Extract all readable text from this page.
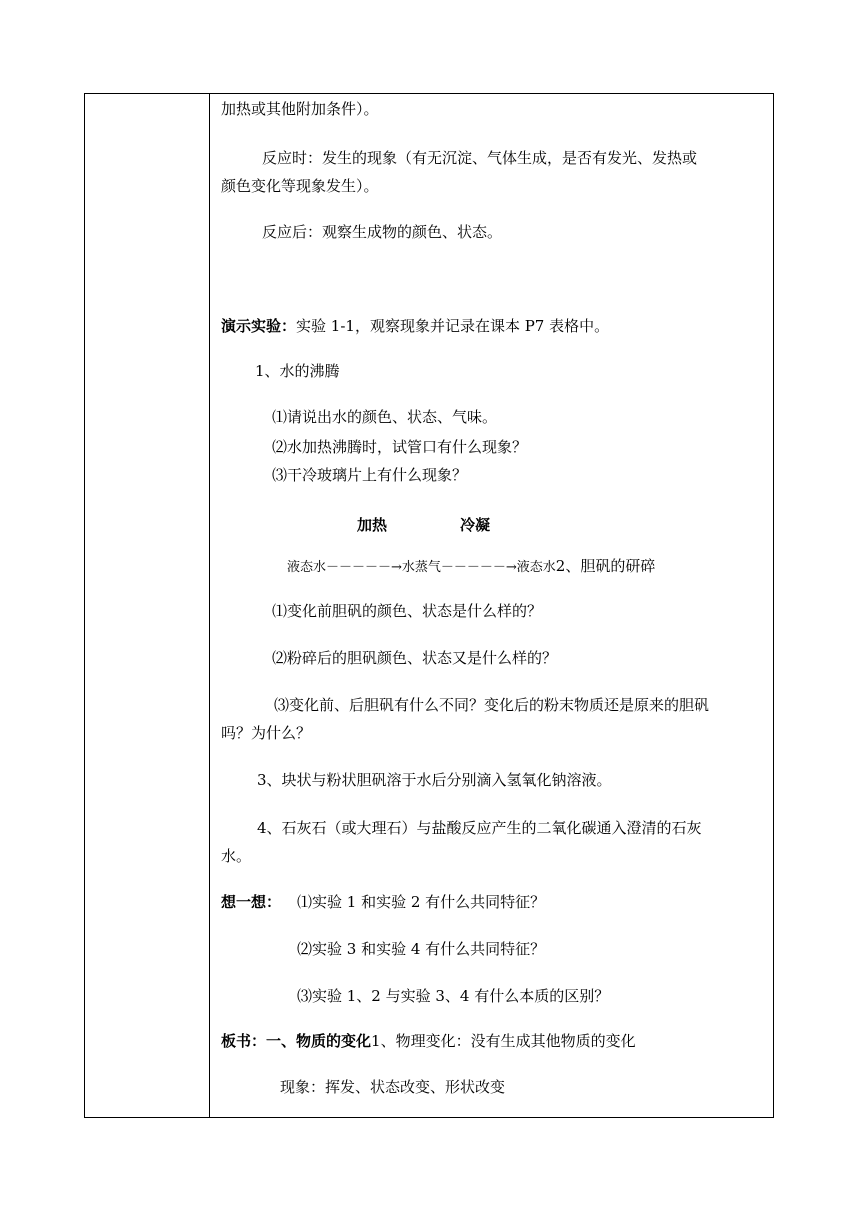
加热或其他附加条件）。
反应时：发生的现象（有无沉淀、气体生成，是否有发光、发热或
颜色变化等现象发生）。
反应后：观察生成物的颜色、状态。
演示实验：实验 1-1，观察现象并记录在课本 P7 表格中。
1、水的沸腾
⑴请说出水的颜色、状态、气味。
⑵水加热沸腾时，试管口有什么现象？
⑶干冷玻璃片上有什么现象？
加热	冷凝
液态水－－－－－→水蒸气－－－－－→液态水2、胆矾的研碎
⑴变化前胆矾的颜色、状态是什么样的？
⑵粉碎后的胆矾颜色、状态又是什么样的？
⑶变化前、后胆矾有什么不同？变化后的粉末物质还是原来的胆矾
吗？为什么？
3、块状与粉状胆矾溶于水后分别滴入氢氧化钠溶液。
4、石灰石（或大理石）与盐酸反应产生的二氧化碳通入澄清的石灰
水。
想一想： ⑴实验 1 和实验 2 有什么共同特征？
⑵实验 3 和实验 4 有什么共同特征？
⑶实验 1、2 与实验 3、4 有什么本质的区别？
板书：一、物质的变化1、物理变化：没有生成其他物质的变化
现象：挥发、状态改变、形状改变
